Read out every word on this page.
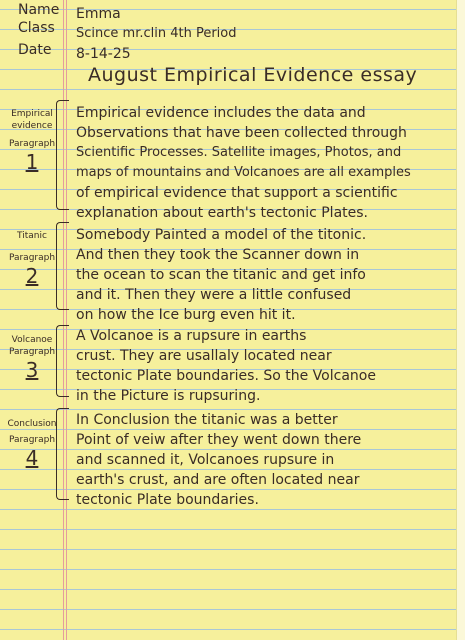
Name Emma
Class Scince mr.clin 4th Period
Date 8-14-25
August Empirical Evidence essay
Empirical
evidence
Paragraph
1
Empirical evidence includes the data and
Observations that have been collected through
Scientific Processes. Satellite images, Photos, and
maps of mountains and Volcanoes are all examples
of empirical evidence that support a scientific
explanation about earth's tectonic Plates.
Titanic
Paragraph
2
Somebody Painted a model of the titonic.
And then they took the Scanner down in
the ocean to scan the titanic and get info
and it. Then they were a little confused
on how the Ice burg even hit it.
Volcanoe
Paragraph
3
A Volcanoe is a rupsure in earths
crust. They are usallaly located near
tectonic Plate boundaries. So the Volcanoe
in the Picture is rupsuring.
Conclusion
Paragraph
4
In Conclusion the titanic was a better
Point of veiw after they went down there
and scanned it, Volcanoes rupsure in
earth's crust, and are often located near
tectonic Plate boundaries.
